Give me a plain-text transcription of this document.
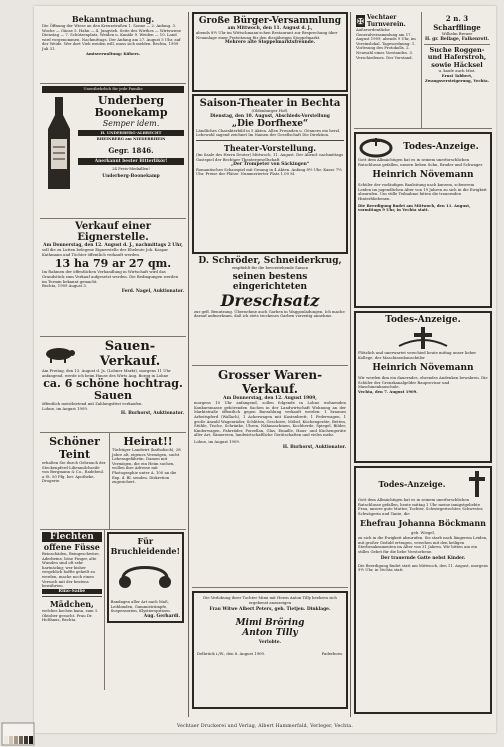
Bekanntmachung.
Die Öffnung der Wiese an den Kreuzstraßen 1. Sonne — 2. Anfang. 3. Woche — Gänse 5. Hahn — 4. Jungvieh. Seite des Wirthes — Wirtswiese Dienstag — 7. Schützenplatz, Weiden u. Kanäle 9. Weiden — 10. Land wird vorgenommen. Nachmittags. Der Anfang am 27. August 5 Uhr, auf der Weide. Wer dort Vieh weiden will, muss sich melden. Bechta, 1909 Juli 31.
Amtsverwaltung: Kühers.
Unentbehrlich für jede Familie
Underberg Boonekamp
Semper idem.
H. UNDERBERG-ALBRECHT
RHEINBERG am NIEDERRHEIN
Gegr. 1846.
Anerkannt bester Bitterlikör!
24 Preis-Medaillen!
Underberg-Boonekamp
Verkauf einer Eignerstelle.
Am Donnerstag, den 12. August d. J., nachmittags 2 Uhr,
soll die zu Lutten belegene Eignerstelle der Eheleute Joh. Kaspar Kathmann und Töchter öffentlich verkauft werden.
13 ha 79 ar 27 qm.
Im Rahmen der öffentlichen Verhandlung in Wirtschaft wird das Grundstück zum Verkauf aufgesetzt werden. Die Bedingungen werden im Termin bekannt gemacht.
Bechta, 1909 August 3.
Ferd. Nagel, Auktionator.
Sauen-Verkauf.
Am Freitag, den 13. August d. Js. (Lohner Markt), morgens 11 Uhr anfangend, werde ich beim Hause des Wirts Aug. Borgg in Lohne
ca. 6 schöne hochtrag. Sauen
öffentlich meistbietend mit Zahlungsfrist verkaufen.
Lohne, im August 1909.
H. Burhorst, Auktionator.
Schöner Teint
erhalten Sie durch Gebrauch der Steckenpferd-Lilienmilchseife von Bergmann & Co., Radebeul. a St. 50 Pfg. bei: Apotheke, Drogerie.
Heirat!!
Tüchtiger Landwirt (katholisch), 28 Jahre alt, eigenes Vermögen, sucht Lebensgefährtin. Damen mit Vermögen, die ein Heim suchen, wollen ihre Adresse mit Photographie unter A. 100 an die Exp. d. Bl. senden. Diskretion zugesichert.
Flechten
offene Füsse
Beinschäden, Beingeschwüre, Aderbeine, böse Finger, alte Wunden sind oft sehr hartnäckig; wer bisher vergeblich hoffte geheilt zu werden, mache noch einen Versuch mit der bestens bewährten
Rino-Salbe
Mädchen,
welches kochen kann, zum 1. Oktober gesucht. Frau Dr. Holthaus, Bechta.
Für Bruchleidende!
Bandagen aller Art nach Maß, Leibbinden, Gummistrümpfe, Suspensorien, Klystierspritzen.
Aug. Gerhardi.
Große Bürger-Versammlung
am Mittwoch, den 11. August d. J.,
abends 8½ Uhr im Wittschmann'schen Restaurant zur Besprechung über Neuanlage einer Festsitzung für den diesjährigen Stoppelmarkt.
Mehrere alte Stoppelmarktsfreunde.
Saison-Theater in Bechta
(Oldenburger Hof).
Dienstag, den 10. August, Abschieds-Vorstellung
„Die Dorfhexe“
Ländliches Charakterbild in 5 Akten. Allen Freunden u. Gönnern ein herzl. Lebewohl sagend zeichnet Im Namen der Gesellschaft Die Direktion.
Theater-Vorstellung.
(Im Saale des Herrn Deuter) Mittwoch, 11. August. Der Abend: nachmittags Gastspiel der Bechtaer Theatergesellschaft
„Der Trompeter von Säckingen“
Romantisches Schauspiel mit Gesang in 4 Akten. Anfang 8½ Uhr. Kasse 7½ Uhr. Preise der Plätze: Nummerierter Platz 1.00 M.
D. Schröder, Schneiderkrug,
empfiehlt für die bevorstehende Saison
seinen bestens eingerichteten
Dreschsatz
zur gefl. Benutzung. Übernehme auch Garben in Waggonladungen. Ich mache darauf aufmerksam, daß ich stets trockenes Garben vorzeitig annehme.
Grosser Waren-Verkauf.
Am Donnerstag, den 12. August 1909,
morgens 10 Uhr anfangend, sollen folgende in Lohne wohnenden Konkursmasse gehörenden Sachen in der Landwirtschaft Wohnung an der Marktstraße öffentlich gegen Barzahlung verkauft werden: 1 braunes Arbeitspferd (Wallach), 1 Ackerwagen mit Kastenbrett, 1 Federwagen, 1 große Anzahl Wagenräder, Schlitten, Geschirre, Möbel, Küchengeräte, Betten, Stühle, Tische, Schränke, Uhren, Nähmaschinen, Kochherde, Spiegel, Bilder, Kinderwagen, Fahrräder, Porzellan, Glas, Emaille, Haus- und Küchengeräte aller Art, Sämereien, landwirtschaftliche Gerätschaften und vieles mehr.
Lohne, im August 1909.
H. Burhorst, Auktionator.
Die Verlobung ihrer Tochter Mimi mit Herrn Anton Tilly beehren sich ergebenst anzuzeigen
Frau Witwe Albert Peters, geb. Tietjen. Dinklage.
Mimi Bröring
Anton Tilly
Verlobte.
Delbrück i./W., den 8. August 1909.	Paderborn.
✠ Vechtaer Turnverein.
Außerordentliche Generalversammlung am 17. August 1909, abends 9 Uhr, im Vereinslokal. Tagesordnung: 1. Vorlesung des Protokolls. 2. Neuwahl eines Vorstandes. 3. Verschiedenes. Der Vorstand.
2 n. 3 Scharfflinge
Wilhelm Breuer
H. gr. Beilage, Falkenrott.
Suche Roggen- und Haferstroh, sowie Häcksel
u. kaufe auch Mist.
Ernst Tabbert, Zwangsversteigerung, Vechta.
Todes-Anzeige.
Gott dem Allmächtigen hat es in seinem unerforschlichen Ratschlusse gefallen, unsern lieben Sohn, Bruder und Schwager
Heinrich Növemann
Schüler der vorläufigen Bauleitung nach kurzem, schwerem Leiden im jugendlichen Alter von 19 Jahren zu sich in die Ewigkeit abzurufen. Um stille Teilnahme bitten die trauernden Hinterbliebenen.
Die Beerdigung findet am Mittwoch, den 11. August, vormittags 9 Uhr, in Vechta statt.
Todes-Anzeige.
Plötzlich und unerwartet verschied heute mittag unser lieber Kollege, der Maschinenbauschüler
Heinrich Növemann
Wir werden ihm ein dauerndes, ehrendes Andenken bewahren. Die Schüler der Grenzkanalgelder Bauprovisor und Maschinenbauschule.
Vechta, den 7. August 1909.
Todes-Anzeige.
Gott dem Allmächtigen hat es in seinem unerforschlichen Ratschlusse gefallen, heute mittag 1 Uhr meine innigstgeliebte Frau, unsere gute Mutter, Tochter, Schwiegertochter, Schwester, Schwägerin und Tante, die
Ehefrau Johanna Böckmann
geb. Wiegel,
zu sich in die Ewigkeit abzurufen. Sie starb nach längerem Leiden, mit großer Geduld ertragen, versehen mit den heiligen Sterbesakramenten im Alter von 31 Jahren. Wir bitten um ein stilles Gebet für die liebe Verstorbene.
Der trauernde Gatte nebst Kinder.
Die Beerdigung findet statt am Mittwoch, den 11. August, morgens 9½ Uhr, in Vechta statt.
Vechtaer Druckerei und Verlag, Albert Hammerfald, Verleger, Vechta.
